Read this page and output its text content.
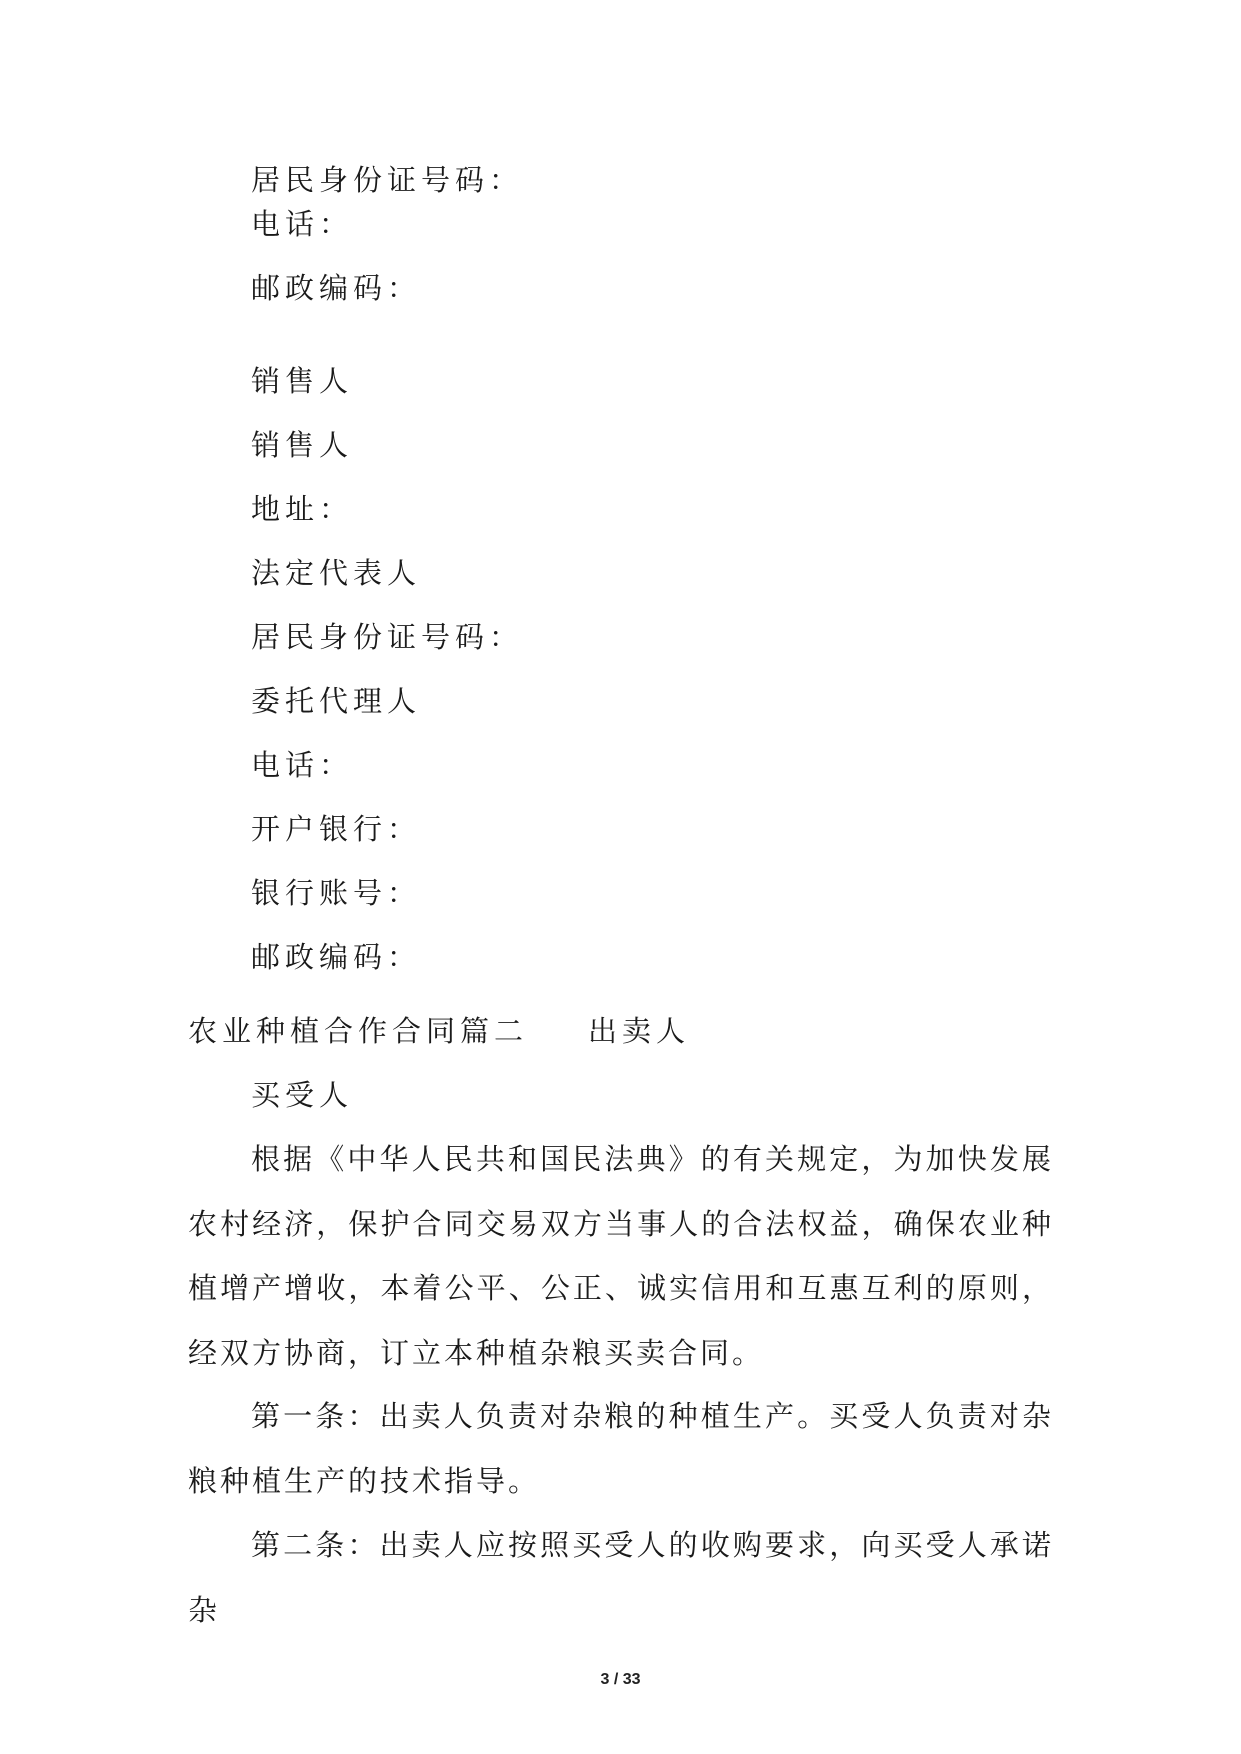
居民身份证号码：
电话：
邮政编码：
销售人
销售人
地址：
法定代表人
居民身份证号码：
委托代理人
电话：
开户银行：
银行账号：
邮政编码：
农业种植合作合同篇二 出卖人
买受人
根据《中华人民共和国民法典》的有关规定，为加快发展农村经济，保护合同交易双方当事人的合法权益，确保农业种植增产增收，本着公平、公正、诚实信用和互惠互利的原则，经双方协商，订立本种植杂粮买卖合同。
第一条：出卖人负责对杂粮的种植生产。买受人负责对杂粮种植生产的技术指导。
第二条：出卖人应按照买受人的收购要求，向买受人承诺杂
3 / 33
